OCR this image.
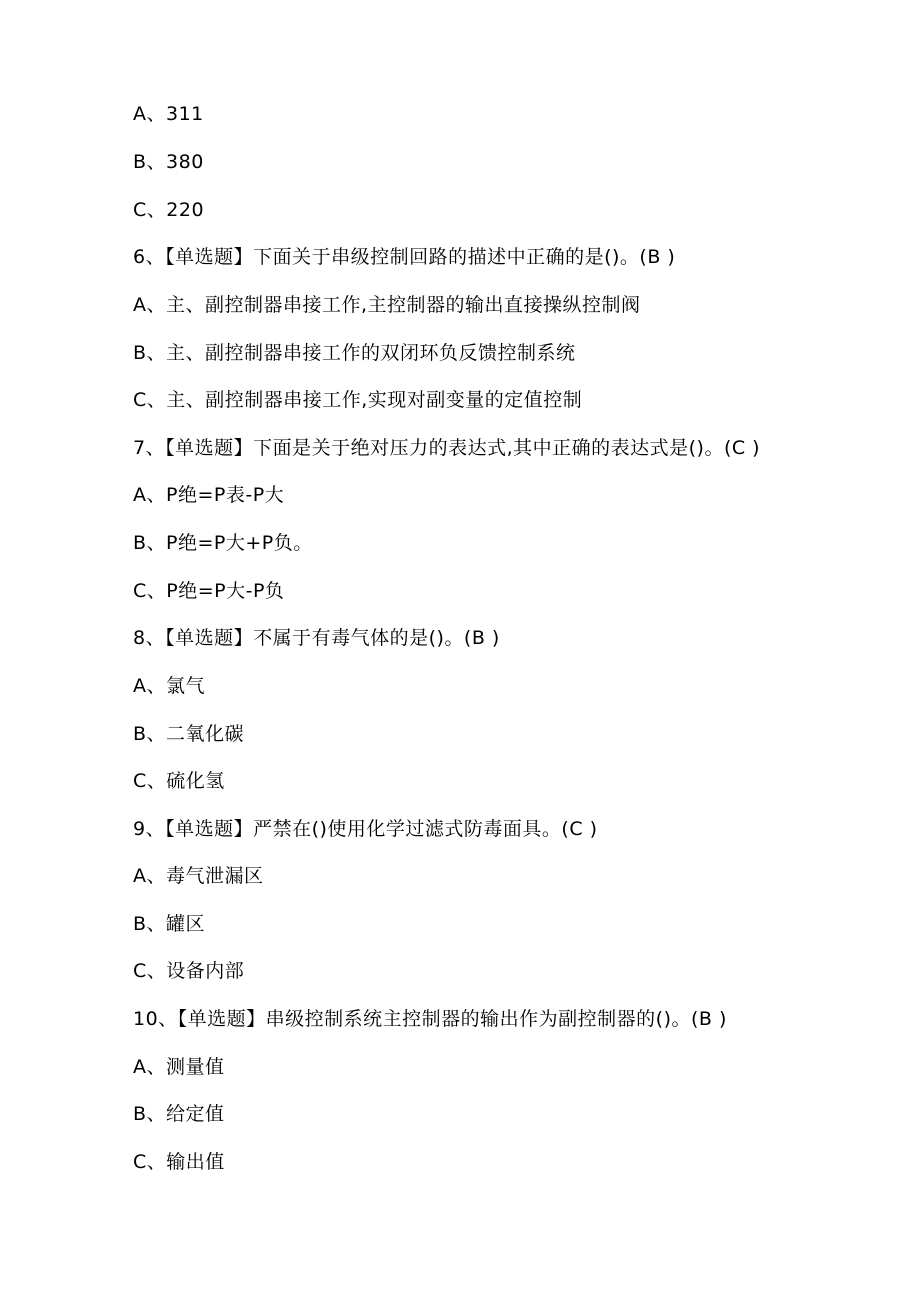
A、311
B、380
C、220
6、【单选题】下面关于串级控制回路的描述中正确的是()。(B )
A、主、副控制器串接工作,主控制器的输出直接操纵控制阀
B、主、副控制器串接工作的双闭环负反馈控制系统
C、主、副控制器串接工作,实现对副变量的定值控制
7、【单选题】下面是关于绝对压力的表达式,其中正确的表达式是()。(C )
A、P绝=P表-P大
B、P绝=P大+P负。
C、P绝=P大-P负
8、【单选题】不属于有毒气体的是()。(B )
A、氯气
B、二氧化碳
C、硫化氢
9、【单选题】严禁在()使用化学过滤式防毒面具。(C )
A、毒气泄漏区
B、罐区
C、设备内部
10、【单选题】串级控制系统主控制器的输出作为副控制器的()。(B )
A、测量值
B、给定值
C、输出值
